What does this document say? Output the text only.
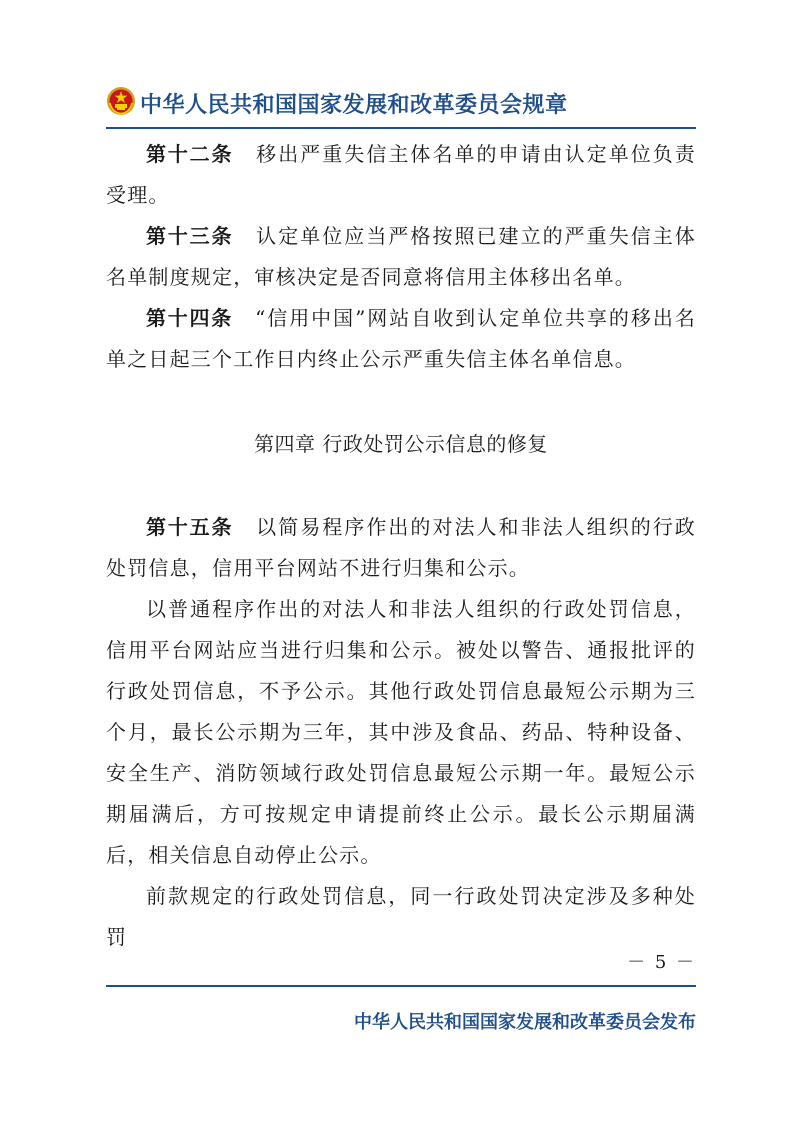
中华人民共和国国家发展和改革委员会规章

第十二条 移出严重失信主体名单的申请由认定单位负责受理。

第十三条 认定单位应当严格按照已建立的严重失信主体名单制度规定，审核决定是否同意将信用主体移出名单。

第十四条 “信用中国”网站自收到认定单位共享的移出名单之日起三个工作日内终止公示严重失信主体名单信息。

第四章 行政处罚公示信息的修复

第十五条 以简易程序作出的对法人和非法人组织的行政处罚信息，信用平台网站不进行归集和公示。

以普通程序作出的对法人和非法人组织的行政处罚信息，信用平台网站应当进行归集和公示。被处以警告、通报批评的行政处罚信息，不予公示。其他行政处罚信息最短公示期为三个月，最长公示期为三年，其中涉及食品、药品、特种设备、安全生产、消防领域行政处罚信息最短公示期一年。最短公示期届满后，方可按规定申请提前终止公示。最长公示期届满后，相关信息自动停止公示。

前款规定的行政处罚信息，同一行政处罚决定涉及多种处罚

－ 5 －
中华人民共和国国家发展和改革委员会发布
